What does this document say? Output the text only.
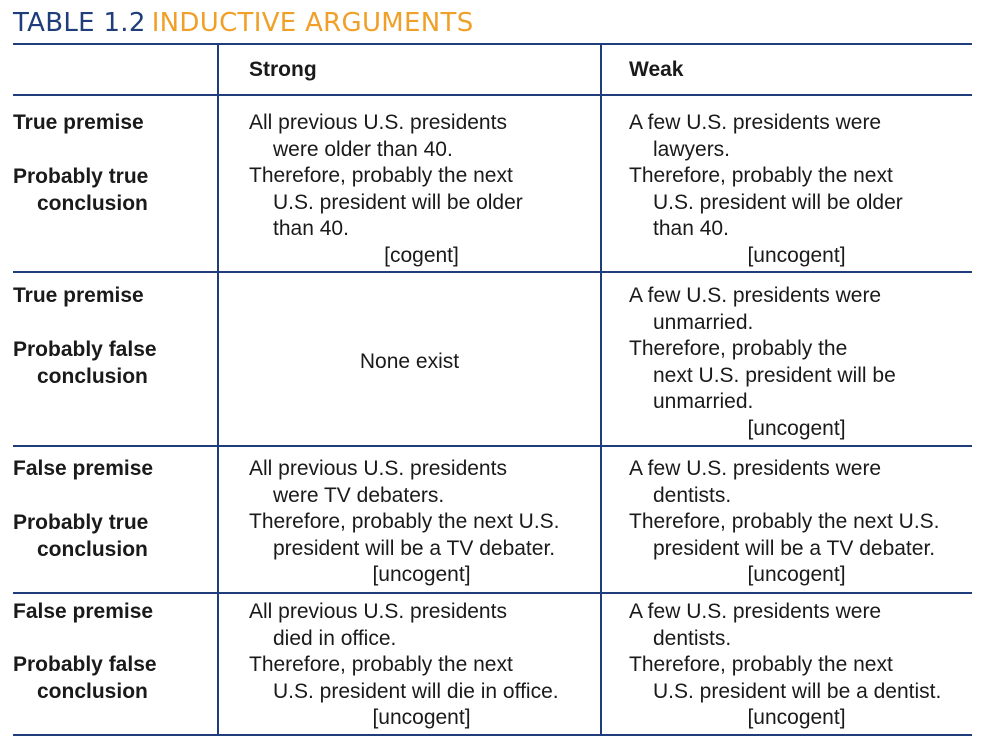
TABLE 1.2 INDUCTIVE ARGUMENTS
Strong	Weak
True premise
Probably true
conclusion
All previous U.S. presidents
were older than 40.
Therefore, probably the next
U.S. president will be older
than 40.
[cogent]
A few U.S. presidents were
lawyers.
Therefore, probably the next
U.S. president will be older
than 40.
[uncogent]
True premise
Probably false
conclusion
None exist
A few U.S. presidents were
unmarried.
Therefore, probably the
next U.S. president will be
unmarried.
[uncogent]
False premise
Probably true
conclusion
All previous U.S. presidents
were TV debaters.
Therefore, probably the next U.S.
president will be a TV debater.
[uncogent]
A few U.S. presidents were
dentists.
Therefore, probably the next U.S.
president will be a TV debater.
[uncogent]
False premise
Probably false
conclusion
All previous U.S. presidents
died in office.
Therefore, probably the next
U.S. president will die in office.
[uncogent]
A few U.S. presidents were
dentists.
Therefore, probably the next
U.S. president will be a dentist.
[uncogent]
